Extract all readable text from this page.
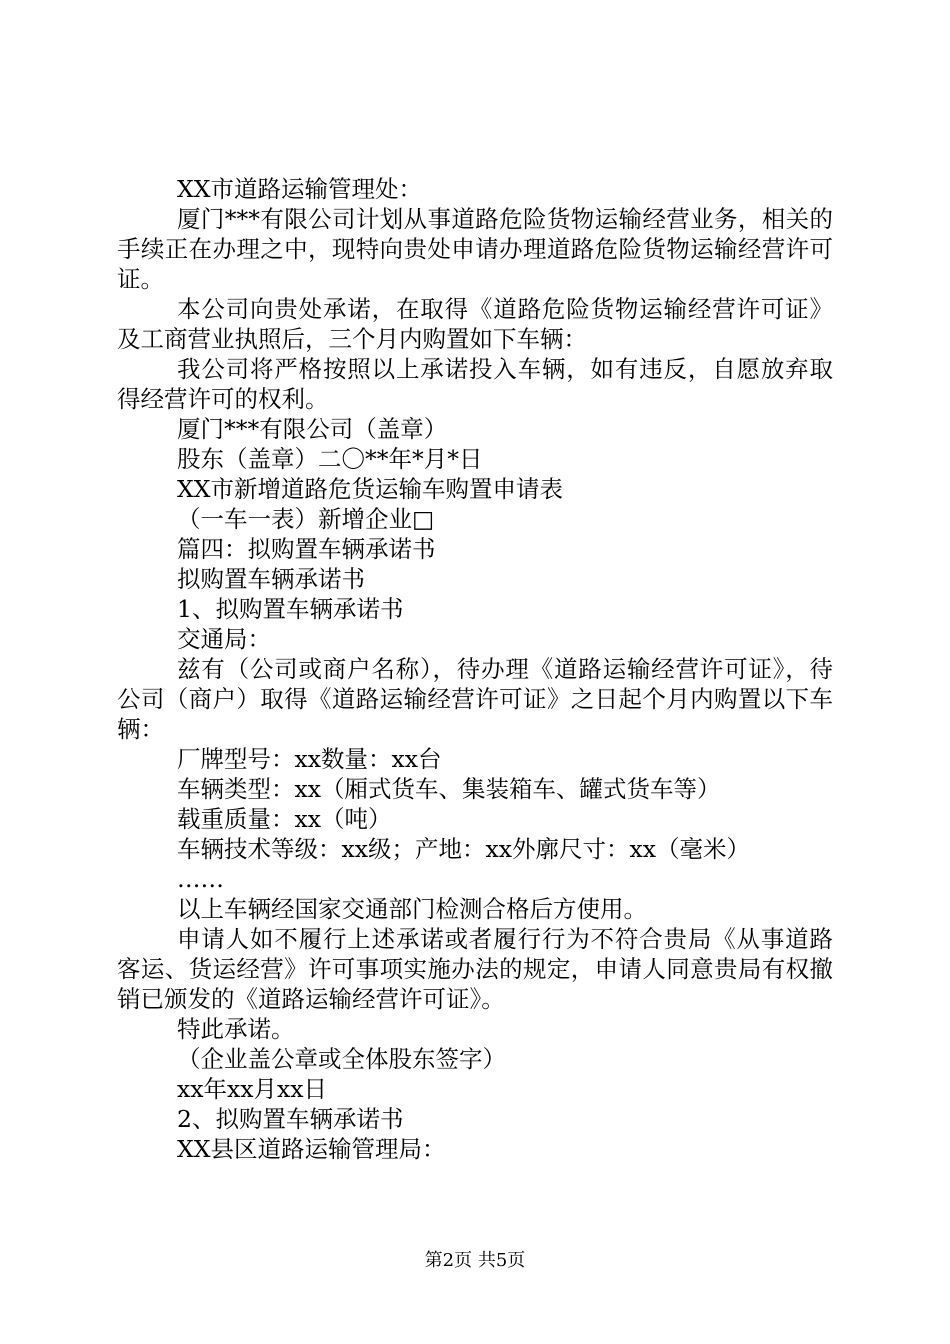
XX市道路运输管理处：

厦门***有限公司计划从事道路危险货物运输经营业务，相关的手续正在办理之中，现特向贵处申请办理道路危险货物运输经营许可证。

本公司向贵处承诺，在取得《道路危险货物运输经营许可证》及工商营业执照后，三个月内购置如下车辆：

我公司将严格按照以上承诺投入车辆，如有违反，自愿放弃取得经营许可的权利。

厦门***有限公司（盖章）

股东（盖章）二〇**年*月*日

XX市新增道路危货运输车购置申请表

（一车一表）新增企业□

篇四：拟购置车辆承诺书

拟购置车辆承诺书

1、拟购置车辆承诺书

交通局：

兹有（公司或商户名称），待办理《道路运输经营许可证》，待公司（商户）取得《道路运输经营许可证》之日起个月内购置以下车辆：

厂牌型号：xx数量：xx台

车辆类型：xx（厢式货车、集装箱车、罐式货车等）

载重质量：xx（吨）

车辆技术等级：xx级；产地：xx外廓尺寸：xx（毫米）

……

以上车辆经国家交通部门检测合格后方使用。

申请人如不履行上述承诺或者履行行为不符合贵局《从事道路客运、货运经营》许可事项实施办法的规定，申请人同意贵局有权撤销已颁发的《道路运输经营许可证》。

特此承诺。

（企业盖公章或全体股东签字）

xx年xx月xx日

2、拟购置车辆承诺书

XX县区道路运输管理局：

第2页 共5页
